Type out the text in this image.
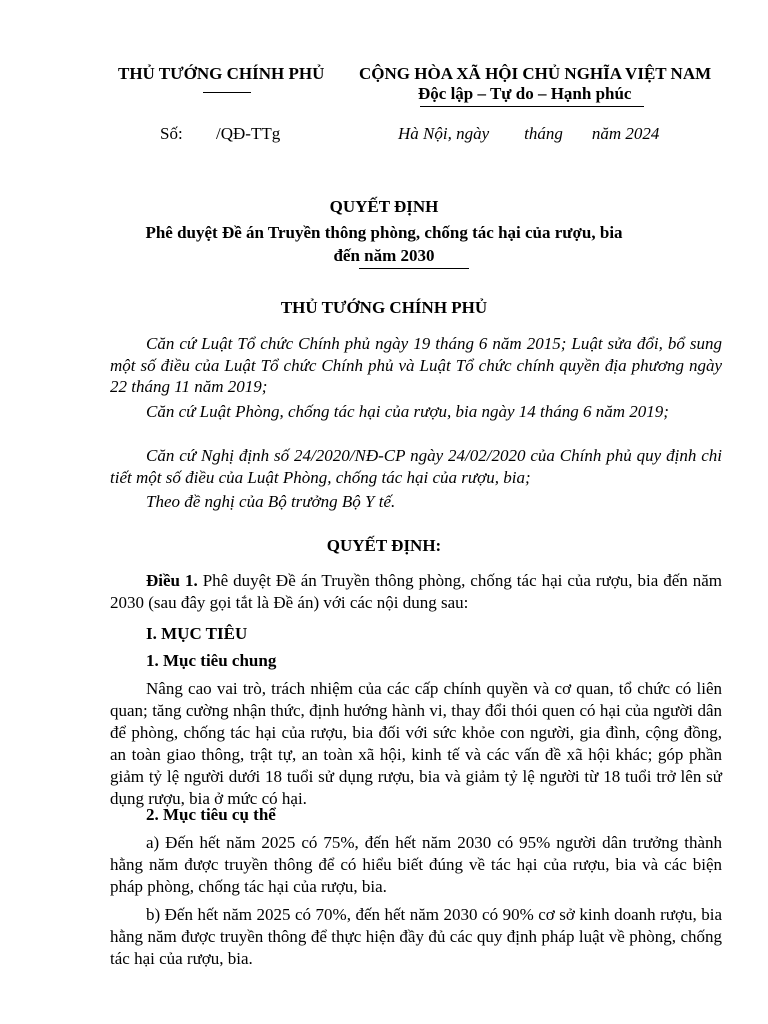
THỦ TƯỚNG CHÍNH PHỦ CỘNG HÒA XÃ HỘI CHỦ NGHĨA VIỆT NAM
Độc lập – Tự do – Hạnh phúc
Số: /QĐ-TTg	Hà Nội, ngày tháng năm 2024
QUYẾT ĐỊNH
Phê duyệt Đề án Truyền thông phòng, chống tác hại của rượu, bia
đến năm 2030
THỦ TƯỚNG CHÍNH PHỦ
Căn cứ Luật Tổ chức Chính phủ ngày 19 tháng 6 năm 2015; Luật sửa đổi, bổ sung một số điều của Luật Tổ chức Chính phủ và Luật Tổ chức chính quyền địa phương ngày 22 tháng 11 năm 2019;
Căn cứ Luật Phòng, chống tác hại của rượu, bia ngày 14 tháng 6 năm 2019;
Căn cứ Nghị định số 24/2020/NĐ-CP ngày 24/02/2020 của Chính phủ quy định chi tiết một số điều của Luật Phòng, chống tác hại của rượu, bia;
Theo đề nghị của Bộ trưởng Bộ Y tế.
QUYẾT ĐỊNH:
Điều 1. Phê duyệt Đề án Truyền thông phòng, chống tác hại của rượu, bia đến năm 2030 (sau đây gọi tắt là Đề án) với các nội dung sau:
I. MỤC TIÊU
1. Mục tiêu chung
Nâng cao vai trò, trách nhiệm của các cấp chính quyền và cơ quan, tổ chức có liên quan; tăng cường nhận thức, định hướng hành vi, thay đổi thói quen có hại của người dân để phòng, chống tác hại của rượu, bia đối với sức khỏe con người, gia đình, cộng đồng, an toàn giao thông, trật tự, an toàn xã hội, kinh tế và các vấn đề xã hội khác; góp phần giảm tỷ lệ người dưới 18 tuổi sử dụng rượu, bia và giảm tỷ lệ người từ 18 tuổi trở lên sử dụng rượu, bia ở mức có hại.
2. Mục tiêu cụ thể
a) Đến hết năm 2025 có 75%, đến hết năm 2030 có 95% người dân trưởng thành hằng năm được truyền thông để có hiểu biết đúng về tác hại của rượu, bia và các biện pháp phòng, chống tác hại của rượu, bia.
b) Đến hết năm 2025 có 70%, đến hết năm 2030 có 90% cơ sở kinh doanh rượu, bia hằng năm được truyền thông để thực hiện đầy đủ các quy định pháp luật về phòng, chống tác hại của rượu, bia.
